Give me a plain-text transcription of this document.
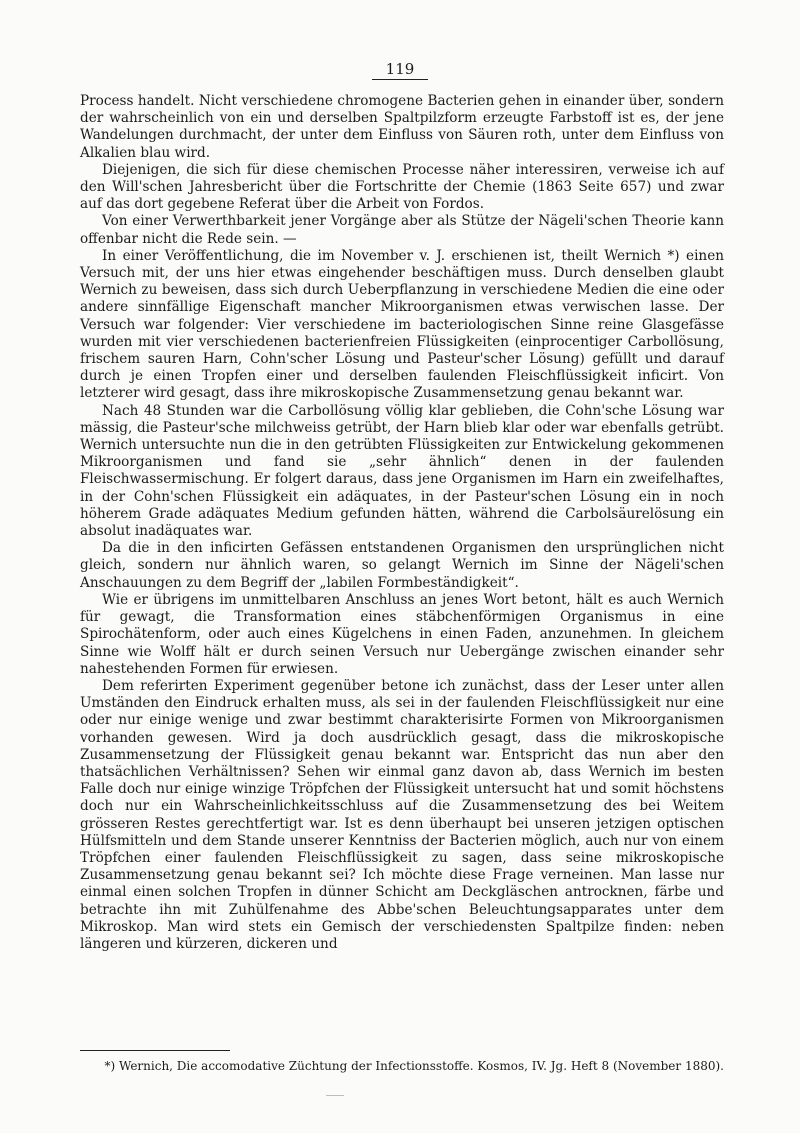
119

Process handelt. Nicht verschiedene chromogene Bacterien gehen in einander über, sondern der wahrscheinlich von ein und derselben Spaltpilzform erzeugte Farbstoff ist es, der jene Wandelungen durchmacht, der unter dem Einfluss von Säuren roth, unter dem Einfluss von Alkalien blau wird.

Diejenigen, die sich für diese chemischen Processe näher interessiren, verweise ich auf den Will'schen Jahresbericht über die Fortschritte der Chemie (1863 Seite 657) und zwar auf das dort gegebene Referat über die Arbeit von Fordos.

Von einer Verwerthbarkeit jener Vorgänge aber als Stütze der Nägeli'schen Theorie kann offenbar nicht die Rede sein. —

In einer Veröffentlichung, die im November v. J. erschienen ist, theilt Wernich *) einen Versuch mit, der uns hier etwas eingehender beschäftigen muss. Durch denselben glaubt Wernich zu beweisen, dass sich durch Ueberpflanzung in verschiedene Medien die eine oder andere sinnfällige Eigenschaft mancher Mikroorganismen etwas verwischen lasse. Der Versuch war folgender: Vier verschiedene im bacteriologischen Sinne reine Glasgefässe wurden mit vier verschiedenen bacterienfreien Flüssigkeiten (einprocentiger Carbollösung, frischem sauren Harn, Cohn'scher Lösung und Pasteur'scher Lösung) gefüllt und darauf durch je einen Tropfen einer und derselben faulenden Fleischflüssigkeit inficirt. Von letzterer wird gesagt, dass ihre mikroskopische Zusammensetzung genau bekannt war.

Nach 48 Stunden war die Carbollösung völlig klar geblieben, die Cohn'sche Lösung war mässig, die Pasteur'sche milchweiss getrübt, der Harn blieb klar oder war ebenfalls getrübt. Wernich untersuchte nun die in den getrübten Flüssigkeiten zur Entwickelung gekommenen Mikroorganismen und fand sie „sehr ähnlich“ denen in der faulenden Fleischwassermischung. Er folgert daraus, dass jene Organismen im Harn ein zweifelhaftes, in der Cohn'schen Flüssigkeit ein adäquates, in der Pasteur'schen Lösung ein in noch höherem Grade adäquates Medium gefunden hätten, während die Carbolsäurelösung ein absolut inadäquates war.

Da die in den inficirten Gefässen entstandenen Organismen den ursprünglichen nicht gleich, sondern nur ähnlich waren, so gelangt Wernich im Sinne der Nägeli'schen Anschauungen zu dem Begriff der „labilen Formbeständigkeit“.

Wie er übrigens im unmittelbaren Anschluss an jenes Wort betont, hält es auch Wernich für gewagt, die Transformation eines stäbchenförmigen Organismus in eine Spirochätenform, oder auch eines Kügelchens in einen Faden, anzunehmen. In gleichem Sinne wie Wolff hält er durch seinen Versuch nur Uebergänge zwischen einander sehr nahestehenden Formen für erwiesen.

Dem referirten Experiment gegenüber betone ich zunächst, dass der Leser unter allen Umständen den Eindruck erhalten muss, als sei in der faulenden Fleischflüssigkeit nur eine oder nur einige wenige und zwar bestimmt charakterisirte Formen von Mikroorganismen vorhanden gewesen. Wird ja doch ausdrücklich gesagt, dass die mikroskopische Zusammensetzung der Flüssigkeit genau bekannt war. Entspricht das nun aber den thatsächlichen Verhältnissen? Sehen wir einmal ganz davon ab, dass Wernich im besten Falle doch nur einige winzige Tröpfchen der Flüssigkeit untersucht hat und somit höchstens doch nur ein Wahrscheinlichkeitsschluss auf die Zusammensetzung des bei Weitem grösseren Restes gerechtfertigt war. Ist es denn überhaupt bei unseren jetzigen optischen Hülfsmitteln und dem Stande unserer Kenntniss der Bacterien möglich, auch nur von einem Tröpfchen einer faulenden Fleischflüssigkeit zu sagen, dass seine mikroskopische Zusammensetzung genau bekannt sei? Ich möchte diese Frage verneinen. Man lasse nur einmal einen solchen Tropfen in dünner Schicht am Deckgläschen antrocknen, färbe und betrachte ihn mit Zuhülfenahme des Abbe'schen Beleuchtungsapparates unter dem Mikroskop. Man wird stets ein Gemisch der verschiedensten Spaltpilze finden: neben längeren und kürzeren, dickeren und

*) Wernich, Die accomodative Züchtung der Infectionsstoffe. Kosmos, IV. Jg. Heft 8 (November 1880).
